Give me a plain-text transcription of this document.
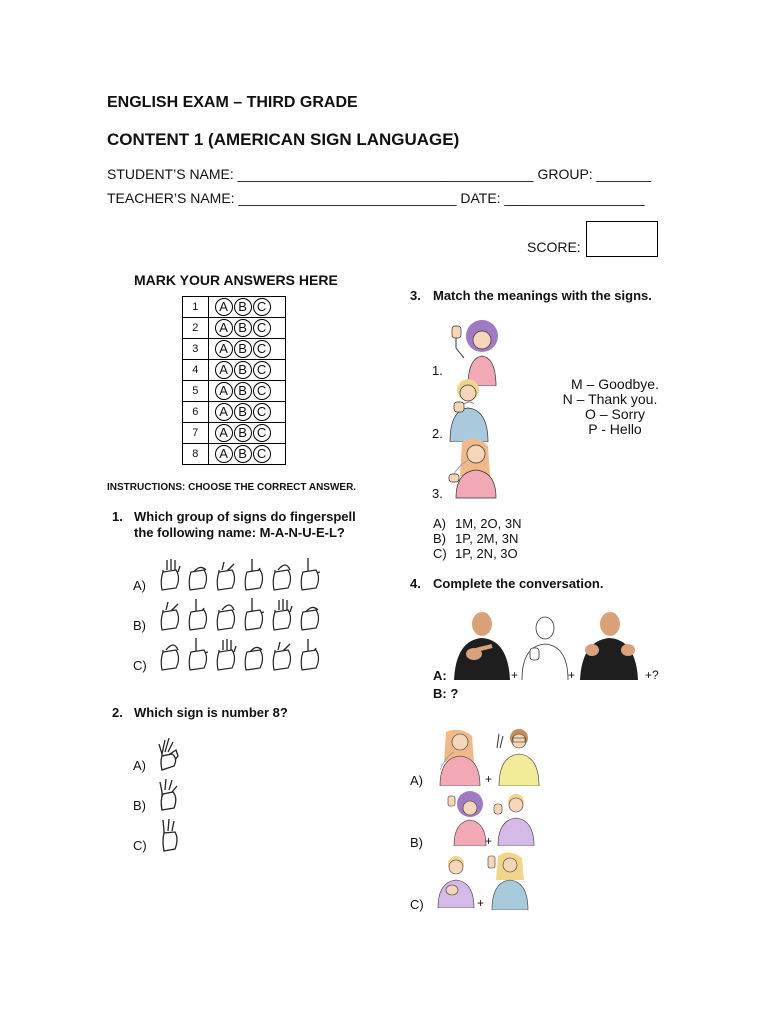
ENGLISH EXAM – THIRD GRADE
CONTENT 1 (AMERICAN SIGN LANGUAGE)
STUDENT’S NAME: ______________________________________ GROUP: _______
TEACHER’S NAME: ____________________________ DATE: __________________
SCORE:
MARK YOUR ANSWERS HERE
1	A B C
2	A B C
3	A B C
4	A B C
5	A B C
6	A B C
7	A B C
8	A B C
INSTRUCTIONS: CHOOSE THE CORRECT ANSWER.
1. Which group of signs do fingerspell the following name: M-A-N-U-E-L?
A)
B)
C)
2. Which sign is number 8?
A)
B)
C)
3. Match the meanings with the signs.
1.
2.
3.
M – Goodbye.
N – Thank you.
O – Sorry
P - Hello
A) 1M, 2O, 3N
B) 1P, 2M, 3N
C) 1P, 2N, 3O
4. Complete the conversation.
A:	+	+	+?
B: ?
A)
B)
C)
+
+
+
